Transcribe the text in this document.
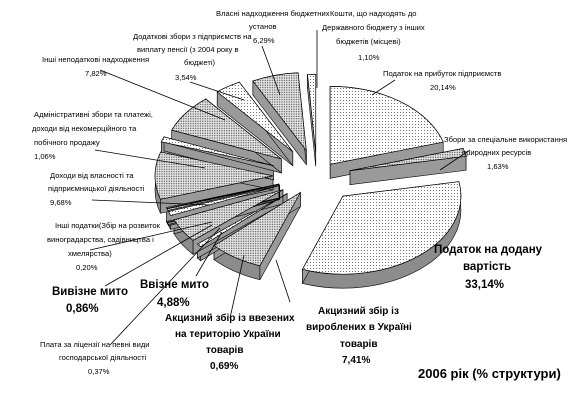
Податок на прибуток підприємств
20,14%
Збори за спеціальне використання
природних ресурсів
1,63%
Податок на додану
вартість
33,14%
Акцизний збір із
вироблених в Україні
товарів
7,41%
Акцизний збір із ввезених
на територію України
товарів
0,69%
Ввізне мито
4,88%
Вивізне мито
0,86%
Плата за ліцензії на певні види
господарської діяльності
0,37%
Інші податки(Збір на розвиток
виноградарства, садівництва і
хмелярства)
0,20%
Доходи від власності та
підприємницької діяльності
9,68%
Адміністративні збори та платежі,
доходи від некомерційного та
побічного продажу
1,06%
Інші неподаткові надходження
7,82%
Додаткові збори з підприємств на
виплату пенсії (з 2004 року в
бюджеті)
3,54%
Власні надходження бюджетних
установ
6,29%
Кошти, що надходять до
Державного бюджету з інших
бюджетів (місцеві)
1,10%
2006 рік (% структури)
